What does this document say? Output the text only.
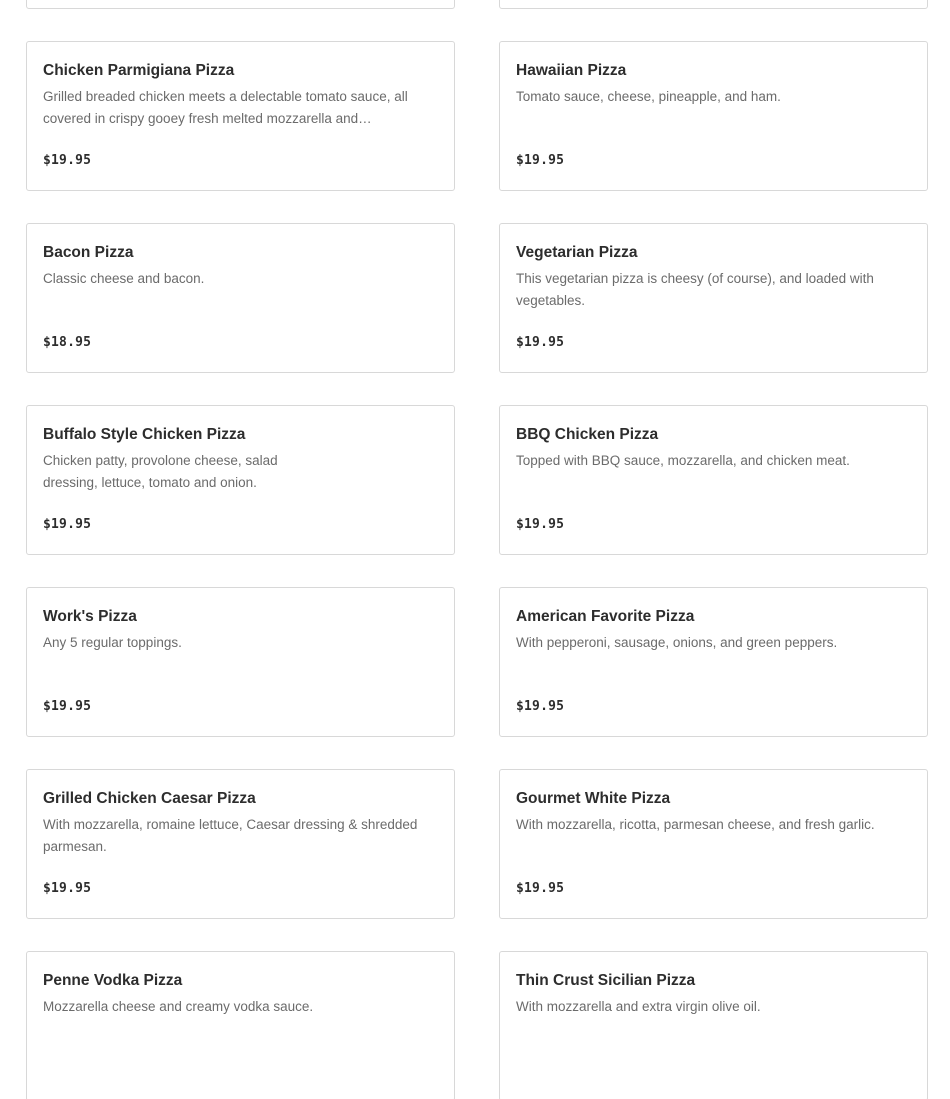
Chicken Parmigiana Pizza
Grilled breaded chicken meets a delectable tomato sauce, all covered in crispy gooey fresh melted mozzarella and…
$19.95
Hawaiian Pizza
Tomato sauce, cheese, pineapple, and ham.
$19.95
Bacon Pizza
Classic cheese and bacon.
$18.95
Vegetarian Pizza
This vegetarian pizza is cheesy (of course), and loaded with vegetables.
$19.95
Buffalo Style Chicken Pizza
Chicken patty, provolone cheese, salad dressing, lettuce, tomato and onion.
$19.95
BBQ Chicken Pizza
Topped with BBQ sauce, mozzarella, and chicken meat.
$19.95
Work's Pizza
Any 5 regular toppings.
$19.95
American Favorite Pizza
With pepperoni, sausage, onions, and green peppers.
$19.95
Grilled Chicken Caesar Pizza
With mozzarella, romaine lettuce, Caesar dressing & shredded parmesan.
$19.95
Gourmet White Pizza
With mozzarella, ricotta, parmesan cheese, and fresh garlic.
$19.95
Penne Vodka Pizza
Mozzarella cheese and creamy vodka sauce.
Thin Crust Sicilian Pizza
With mozzarella and extra virgin olive oil.
